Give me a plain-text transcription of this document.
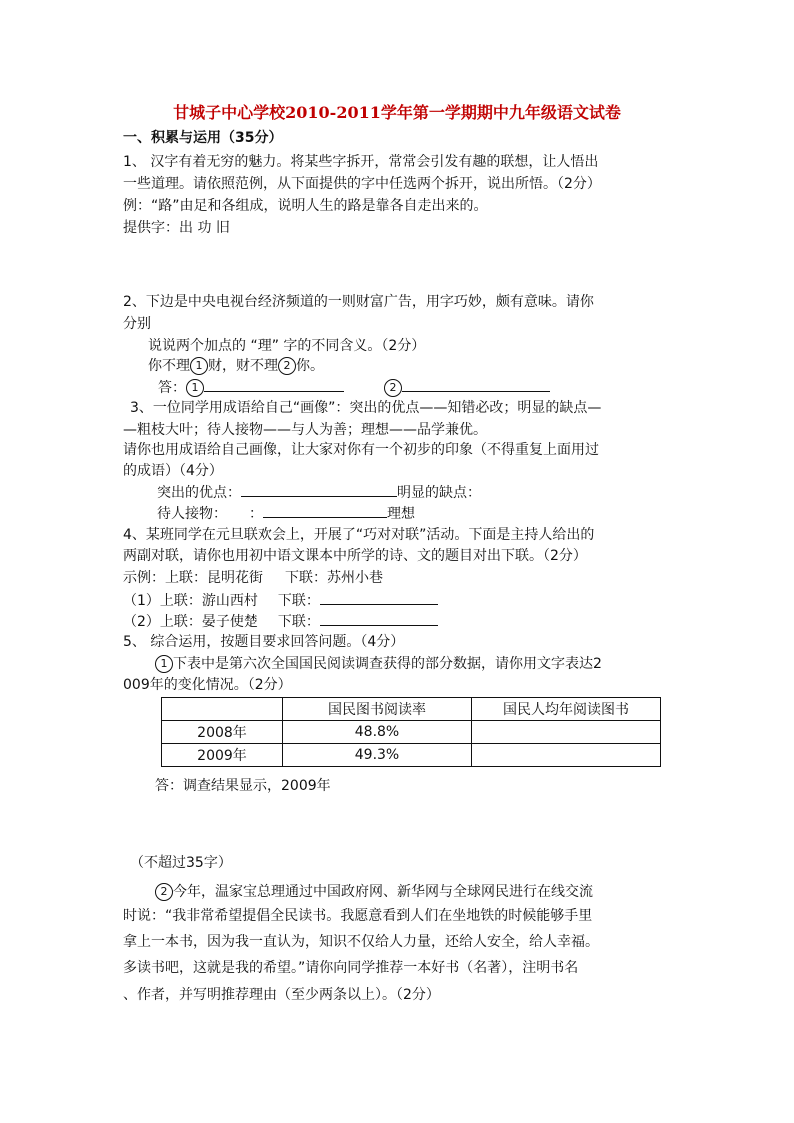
甘城子中心学校2010-2011学年第一学期期中九年级语文试卷
一、积累与运用（35分）
1、 汉字有着无穷的魅力。将某些字拆开，常常会引发有趣的联想，让人悟出
一些道理。请依照范例，从下面提供的字中任选两个拆开，说出所悟。（2分）
例：“路”由足和各组成，说明人生的路是靠各自走出来的。
提供字：出 功 旧
2、下边是中央电视台经济频道的一则财富广告，用字巧妙，颇有意味。请你
分别
说说两个加点的 “理” 字的不同含义。（2分）
你不理 1 财，财不理 2 你。
答： 1	2
3、一位同学用成语给自己“画像”：突出的优点——知错必改；明显的缺点—
—粗枝大叶；待人接物——与人为善；理想——品学兼优。
请你也用成语给自己画像，让大家对你有一个初步的印象（不得重复上面用过
的成语）（4分）
突出的优点：	明显的缺点：
待人接物： ：	理想
4、某班同学在元旦联欢会上，开展了“巧对对联”活动。下面是主持人给出的
两副对联，请你也用初中语文课本中所学的诗、文的题目对出下联。（2分）
示例：上联：昆明花街 下联：苏州小巷
（1）上联：游山西村 下联：
（2）上联：晏子使楚 下联：
5、 综合运用，按题目要求回答问题。（4分）
1 下表中是第六次全国国民阅读调查获得的部分数据，请你用文字表达2
009年的变化情况。（2分）
	国民图书阅读率	国民人均年阅读图书
2008年	48.8%	
2009年	49.3%	
答：调查结果显示，2009年
（不超过35字）
2 今年，温家宝总理通过中国政府网、新华网与全球网民进行在线交流
时说：“我非常希望提倡全民读书。我愿意看到人们在坐地铁的时候能够手里
拿上一本书，因为我一直认为，知识不仅给人力量，还给人安全，给人幸福。
多读书吧，这就是我的希望。”请你向同学推荐一本好书（名著），注明书名
、作者，并写明推荐理由（至少两条以上）。（2分）
